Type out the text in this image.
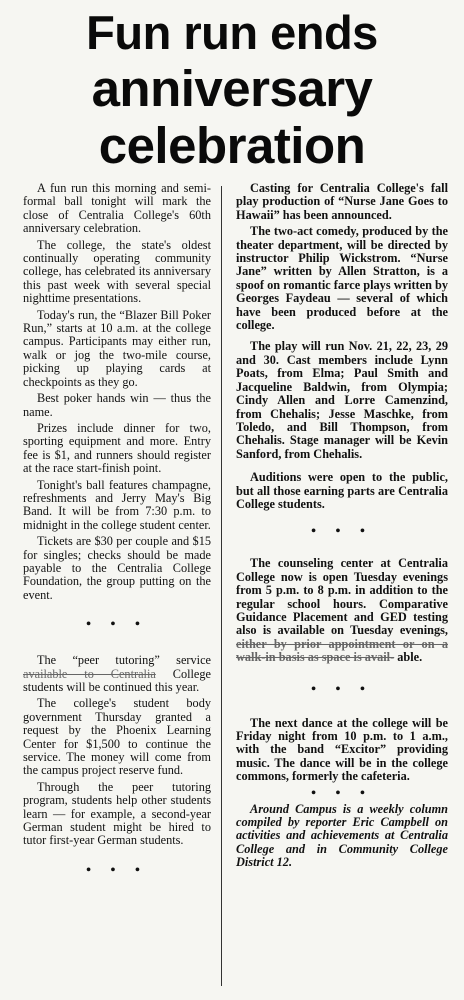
Fun run ends
anniversary
celebration

A fun run this morning and semi-formal ball tonight will mark the close of Centralia College's 60th anniversary celebration.

The college, the state's oldest continually operating community college, has celebrated its anniversary this past week with several special nighttime presentations.

Today's run, the “Blazer Bill Poker Run,” starts at 10 a.m. at the college campus. Participants may either run, walk or jog the two-mile course, picking up playing cards at checkpoints as they go.

Best poker hands win — thus the name.

Prizes include dinner for two, sporting equipment and more. Entry fee is $1, and runners should register at the race start-finish point.

Tonight's ball features champagne, refreshments and Jerry May's Big Band. It will be from 7:30 p.m. to midnight in the college student center.

Tickets are $30 per couple and $15 for singles; checks should be made payable to the Centralia College Foundation, the group putting on the event.

• • •

The “peer tutoring” service available to Centralia College students will be continued this year.

The college's student body government Thursday granted a request by the Phoenix Learning Center for $1,500 to continue the service. The money will come from the campus project reserve fund.

Through the peer tutoring program, students help other students learn — for example, a second-year German student might be hired to tutor first-year German students.

• • •

Casting for Centralia College's fall play production of “Nurse Jane Goes to Hawaii” has been announced.

The two-act comedy, produced by the theater department, will be directed by instructor Philip Wickstrom. “Nurse Jane” written by Allen Stratton, is a spoof on romantic farce plays written by Georges Faydeau — several of which have been produced before at the college.

The play will run Nov. 21, 22, 23, 29 and 30. Cast members include Lynn Poats, from Elma; Paul Smith and Jacqueline Baldwin, from Olympia; Cindy Allen and Lorre Camenzind, from Chehalis; Jesse Maschke, from Toledo, and Bill Thompson, from Chehalis. Stage manager will be Kevin Sanford, from Chehalis.

Auditions were open to the public, but all those earning parts are Centralia College students.

• • •

The counseling center at Centralia College now is open Tuesday evenings from 5 p.m. to 8 p.m. in addition to the regular school hours. Comparative Guidance Placement and GED testing also is available on Tuesday evenings, either by prior appointment or on a walk-in basis as space is avail- able.

• • •

The next dance at the college will be Friday night from 10 p.m. to 1 a.m., with the band “Excitor” providing music. The dance will be in the college commons, formerly the cafeteria.

• • •

Around Campus is a weekly column compiled by reporter Eric Campbell on activities and achievements at Centralia College and in Community College District 12.
